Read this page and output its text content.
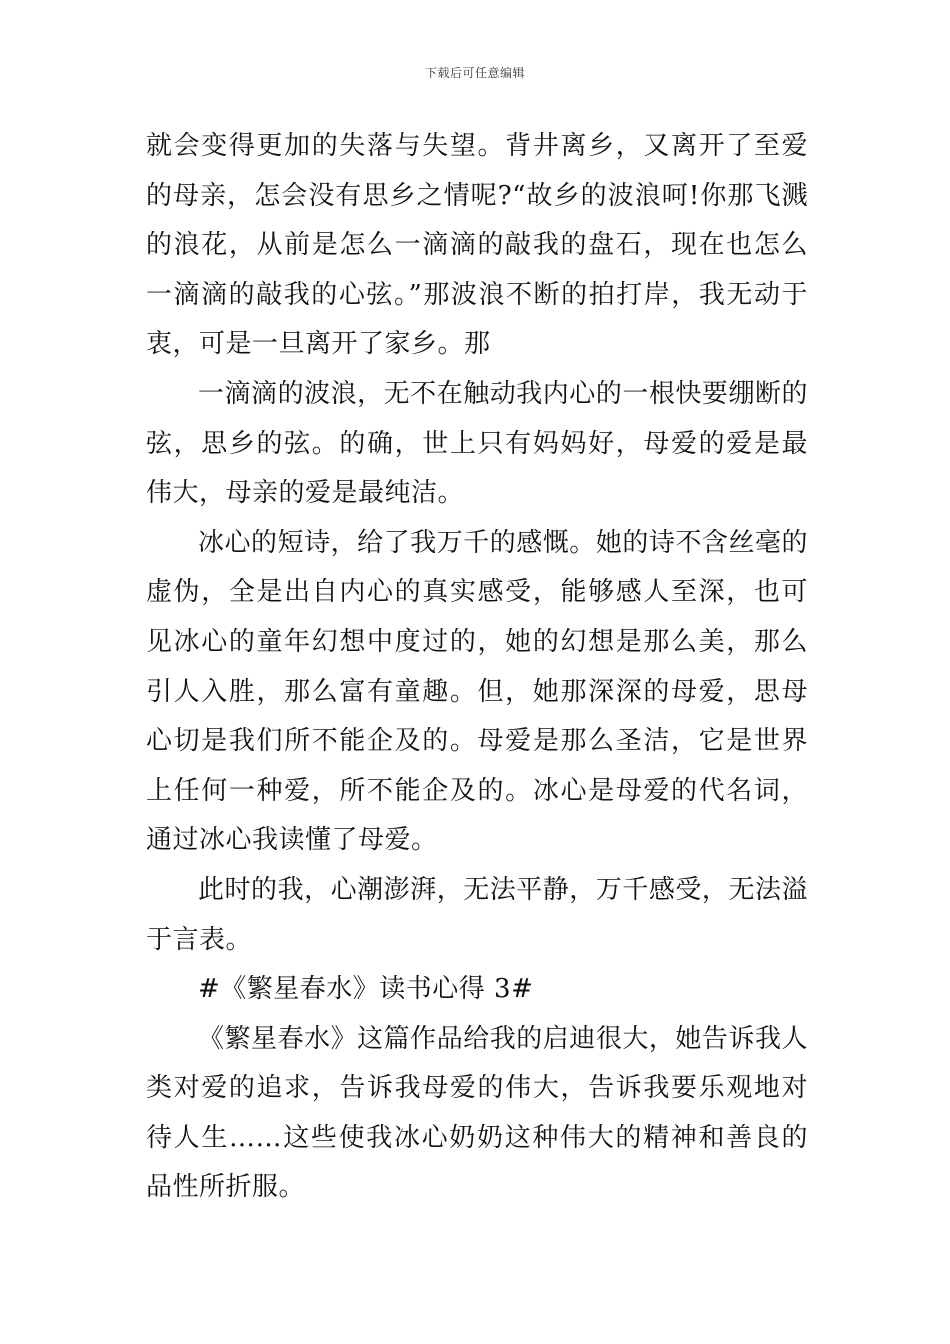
下载后可任意编辑

就会变得更加的失落与失望。背井离乡，又离开了至爱的母亲，怎会没有思乡之情呢?“故乡的波浪呵!你那飞溅的浪花，从前是怎么一滴滴的敲我的盘石，现在也怎么一滴滴的敲我的心弦。”那波浪不断的拍打岸，我无动于衷，可是一旦离开了家乡。那

一滴滴的波浪，无不在触动我内心的一根快要绷断的弦，思乡的弦。的确，世上只有妈妈好，母爱的爱是最伟大，母亲的爱是最纯洁。

冰心的短诗，给了我万千的感慨。她的诗不含丝毫的虚伪，全是出自内心的真实感受，能够感人至深，也可见冰心的童年幻想中度过的，她的幻想是那么美，那么引人入胜，那么富有童趣。但，她那深深的母爱，思母心切是我们所不能企及的。母爱是那么圣洁，它是世界上任何一种爱，所不能企及的。冰心是母爱的代名词，通过冰心我读懂了母爱。

此时的我，心潮澎湃，无法平静，万千感受，无法溢于言表。

#《繁星春水》读书心得 3#

《繁星春水》这篇作品给我的启迪很大，她告诉我人类对爱的追求，告诉我母爱的伟大，告诉我要乐观地对待人生……这些使我冰心奶奶这种伟大的精神和善良的品性所折服。
